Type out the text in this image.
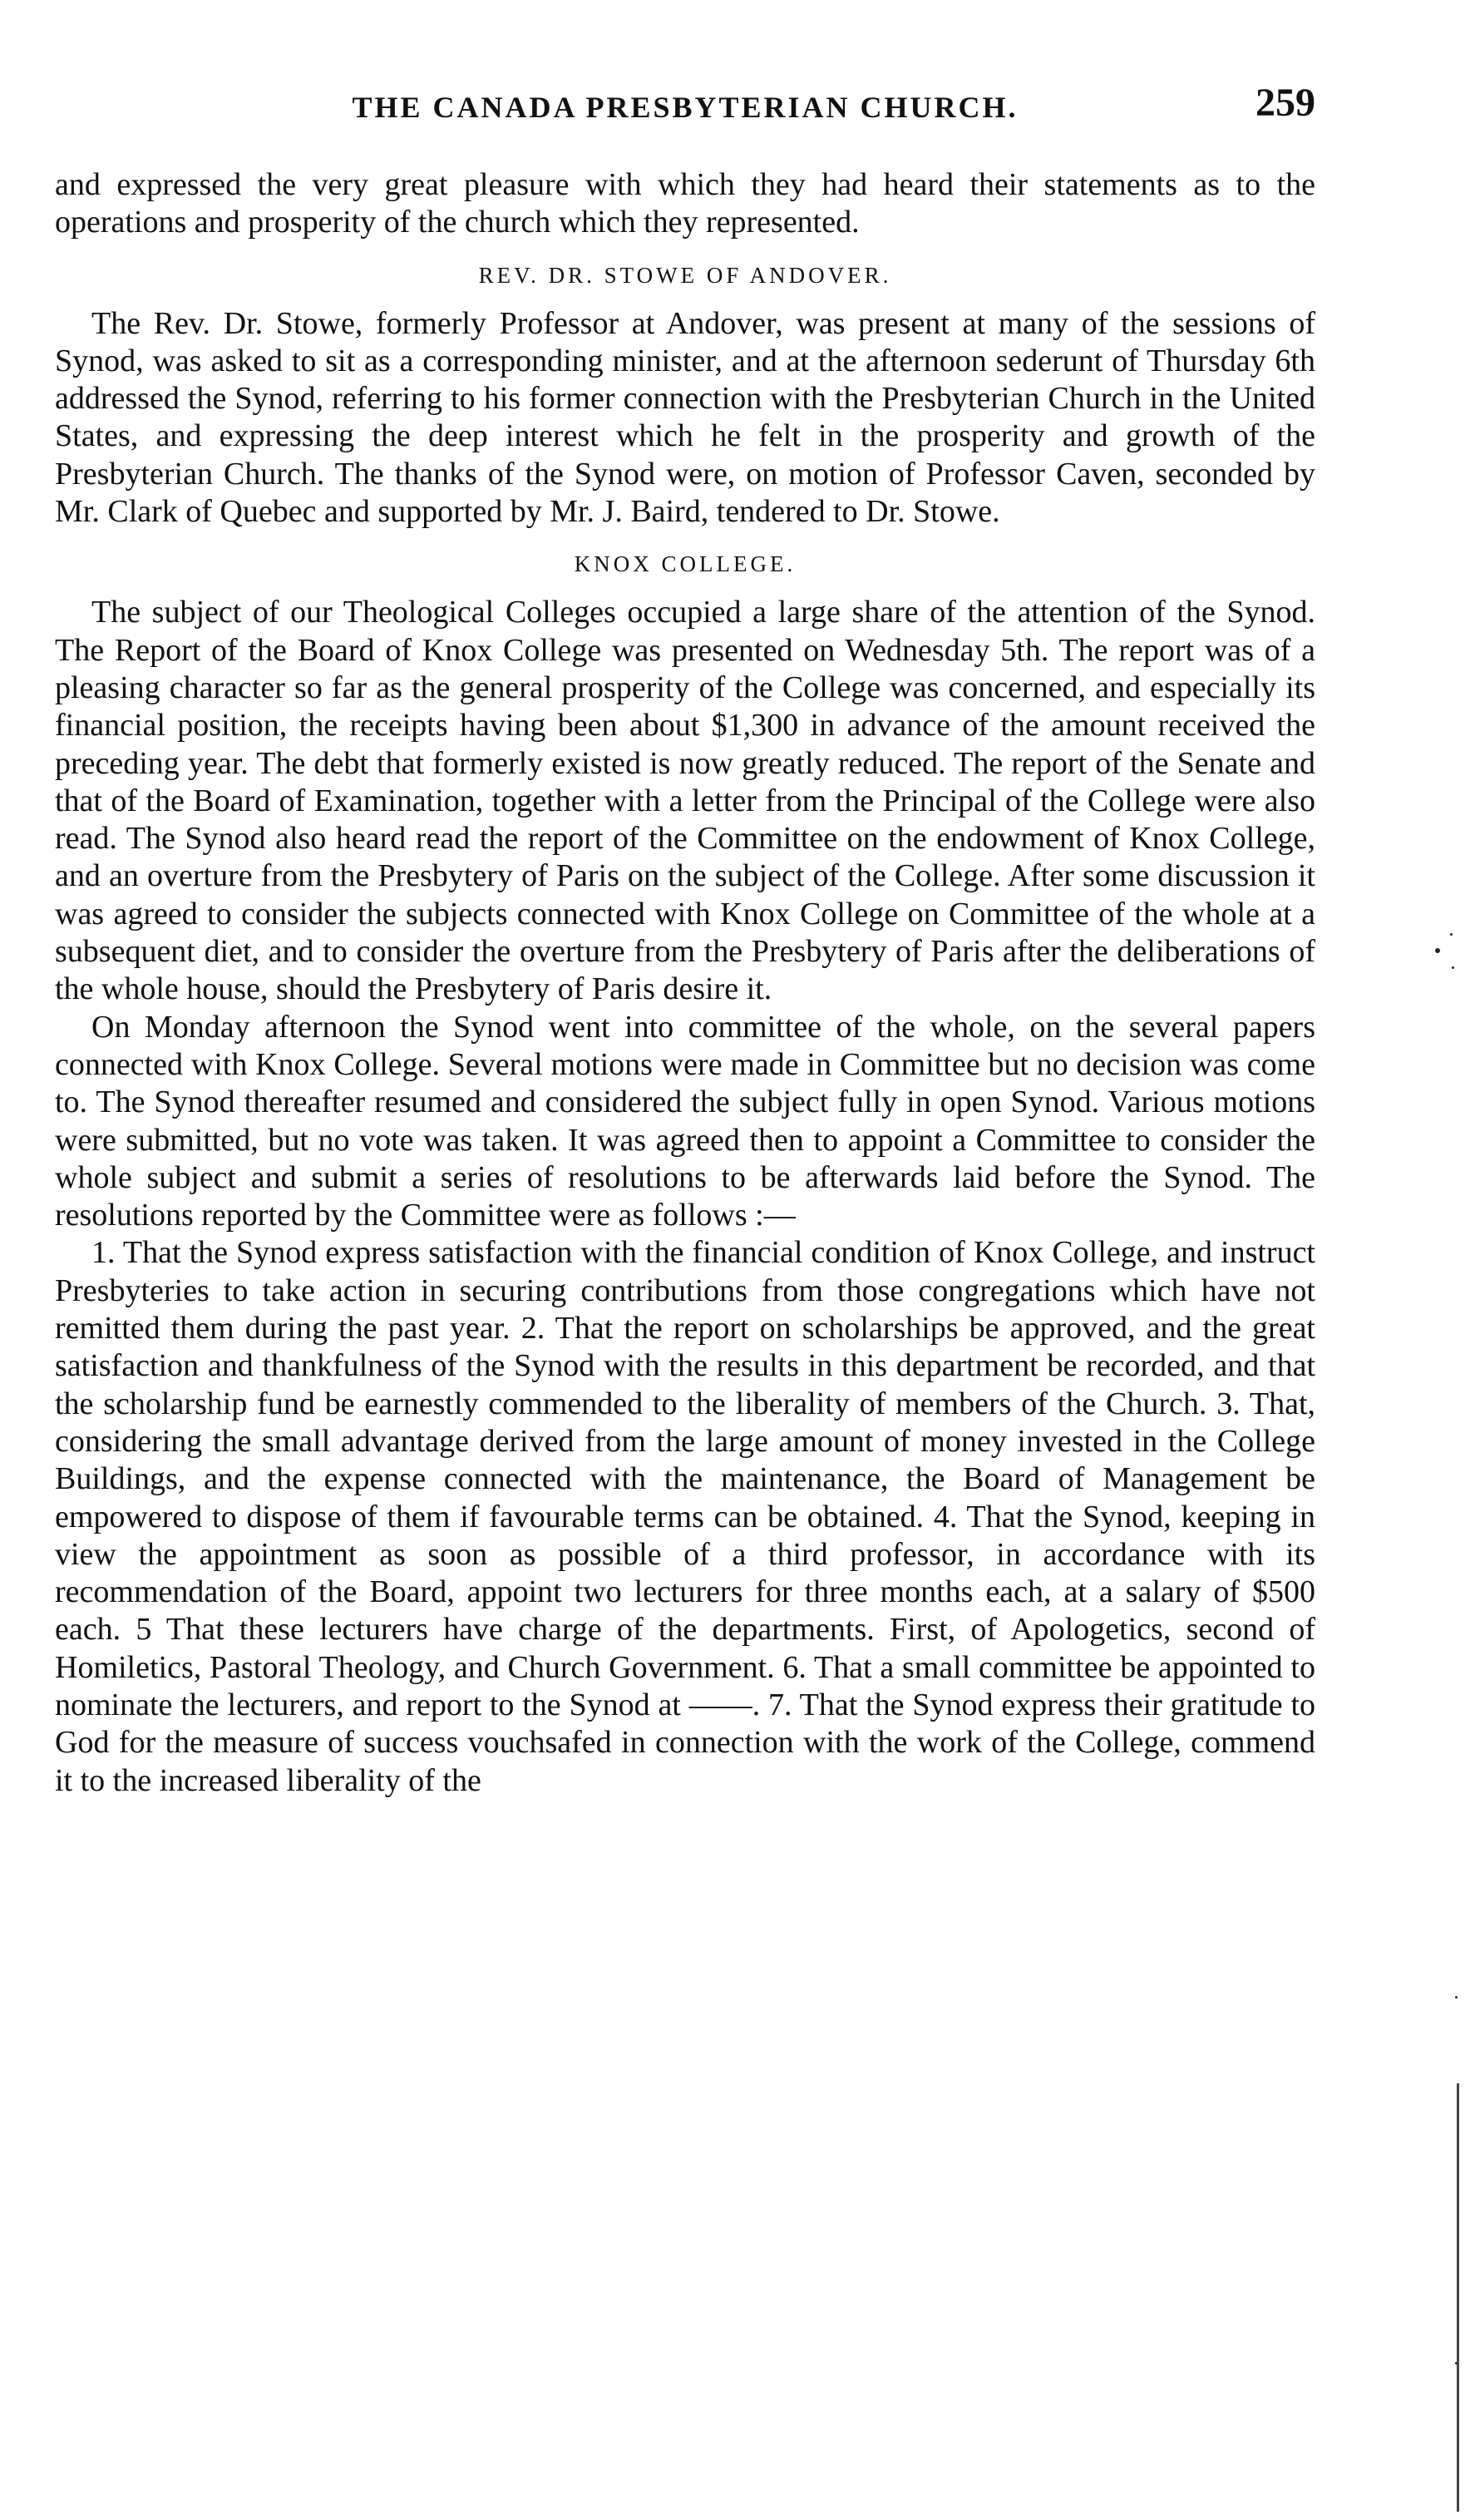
THE CANADA PRESBYTERIAN CHURCH.	259

and expressed the very great pleasure with which they had heard their statements as to the operations and prosperity of the church which they represented.

REV. DR. STOWE OF ANDOVER.

The Rev. Dr. Stowe, formerly Professor at Andover, was present at many of the sessions of Synod, was asked to sit as a corresponding minister, and at the afternoon sederunt of Thursday 6th addressed the Synod, referring to his former connection with the Presbyterian Church in the United States, and expressing the deep interest which he felt in the prosperity and growth of the Presbyterian Church. The thanks of the Synod were, on motion of Professor Caven, seconded by Mr. Clark of Quebec and supported by Mr. J. Baird, tendered to Dr. Stowe.

KNOX COLLEGE.

The subject of our Theological Colleges occupied a large share of the attention of the Synod. The Report of the Board of Knox College was presented on Wednesday 5th. The report was of a pleasing character so far as the general prosperity of the College was concerned, and especially its financial position, the receipts having been about $1,300 in advance of the amount received the preceding year. The debt that formerly existed is now greatly reduced. The report of the Senate and that of the Board of Examination, together with a letter from the Principal of the College were also read. The Synod also heard read the report of the Committee on the endowment of Knox College, and an overture from the Presbytery of Paris on the subject of the College. After some discussion it was agreed to consider the subjects connected with Knox College on Committee of the whole at a subsequent diet, and to consider the overture from the Presbytery of Paris after the deliberations of the whole house, should the Presbytery of Paris desire it.

On Monday afternoon the Synod went into committee of the whole, on the several papers connected with Knox College. Several motions were made in Committee but no decision was come to. The Synod thereafter resumed and considered the subject fully in open Synod. Various motions were submitted, but no vote was taken. It was agreed then to appoint a Committee to consider the whole subject and submit a series of resolutions to be afterwards laid before the Synod. The resolutions reported by the Committee were as follows :—

1. That the Synod express satisfaction with the financial condition of Knox College, and instruct Presbyteries to take action in securing contributions from those congregations which have not remitted them during the past year. 2. That the report on scholarships be approved, and the great satisfaction and thankfulness of the Synod with the results in this department be recorded, and that the scholarship fund be earnestly commended to the liberality of members of the Church. 3. That, considering the small advantage derived from the large amount of money invested in the College Buildings, and the expense connected with the maintenance, the Board of Management be empowered to dispose of them if favourable terms can be obtained. 4. That the Synod, keeping in view the appointment as soon as possible of a third professor, in accordance with its recommendation of the Board, appoint two lecturers for three months each, at a salary of $500 each. 5 That these lecturers have charge of the departments. First, of Apologetics, second of Homiletics, Pastoral Theology, and Church Government. 6. That a small committee be appointed to nominate the lecturers, and report to the Synod at ——. 7. That the Synod express their gratitude to God for the measure of success vouchsafed in connection with the work of the College, commend it to the increased liberality of the
